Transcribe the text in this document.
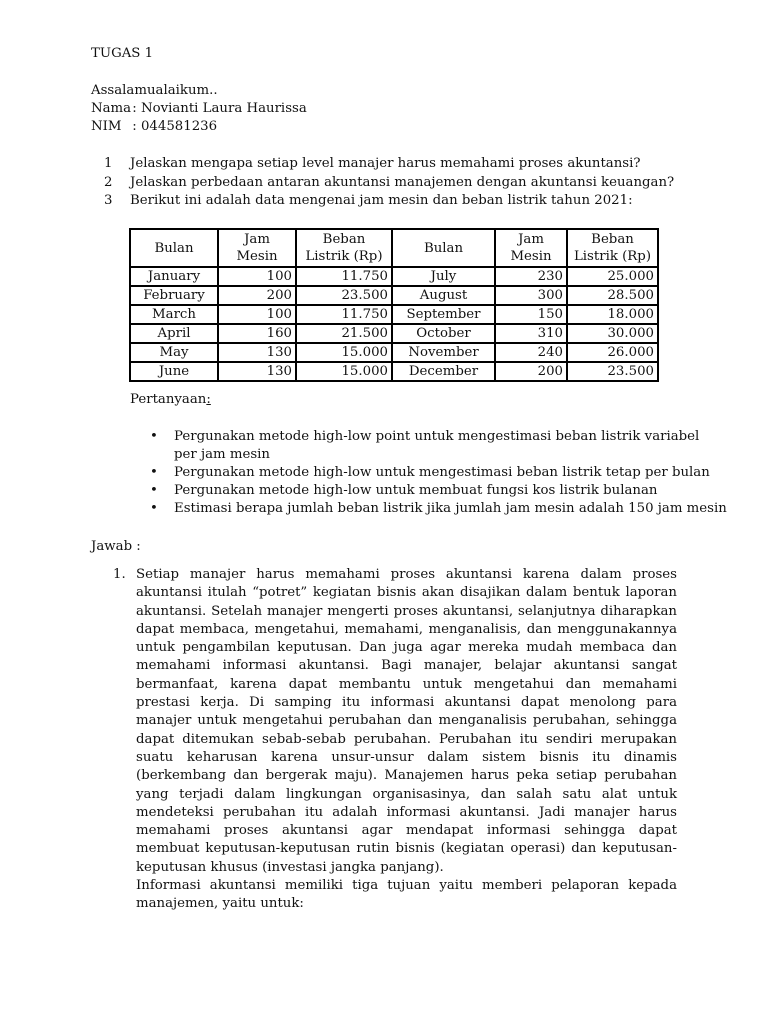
TUGAS 1
Assalamualaikum..
Nama : Novianti Laura Haurissa
NIM : 044581236
1 Jelaskan mengapa setiap level manajer harus memahami proses akuntansi?
2 Jelaskan perbedaan antaran akuntansi manajemen dengan akuntansi keuangan?
3 Berikut ini adalah data mengenai jam mesin dan beban listrik tahun 2021:
Bulan	Jam Mesin	Beban Listrik (Rp)	Bulan	Jam Mesin	Beban Listrik (Rp)
January	100	11.750	July	230	25.000
February	200	23.500	August	300	28.500
March	100	11.750	September	150	18.000
April	160	21.500	October	310	30.000
May	130	15.000	November	240	26.000
June	130	15.000	December	200	23.500
Pertanyaan:
• Pergunakan metode high-low point untuk mengestimasi beban listrik variabel per jam mesin
• Pergunakan metode high-low untuk mengestimasi beban listrik tetap per bulan
• Pergunakan metode high-low untuk membuat fungsi kos listrik bulanan
• Estimasi berapa jumlah beban listrik jika jumlah jam mesin adalah 150 jam mesin
Jawab :
1. Setiap manajer harus memahami proses akuntansi karena dalam proses akuntansi itulah “potret” kegiatan bisnis akan disajikan dalam bentuk laporan akuntansi. Setelah manajer mengerti proses akuntansi, selanjutnya diharapkan dapat membaca, mengetahui, memahami, menganalisis, dan menggunakannya untuk pengambilan keputusan. Dan juga agar mereka mudah membaca dan memahami informasi akuntansi. Bagi manajer, belajar akuntansi sangat bermanfaat, karena dapat membantu untuk mengetahui dan memahami prestasi kerja. Di samping itu informasi akuntansi dapat menolong para manajer untuk mengetahui perubahan dan menganalisis perubahan, sehingga dapat ditemukan sebab-sebab perubahan. Perubahan itu sendiri merupakan suatu keharusan karena unsur-unsur dalam sistem bisnis itu dinamis (berkembang dan bergerak maju). Manajemen harus peka setiap perubahan yang terjadi dalam lingkungan organisasinya, dan salah satu alat untuk mendeteksi perubahan itu adalah informasi akuntansi. Jadi manajer harus memahami proses akuntansi agar mendapat informasi sehingga dapat membuat keputusan-keputusan rutin bisnis (kegiatan operasi) dan keputusan-keputusan khusus (investasi jangka panjang).

Informasi akuntansi memiliki tiga tujuan yaitu memberi pelaporan kepada manajemen, yaitu untuk:
